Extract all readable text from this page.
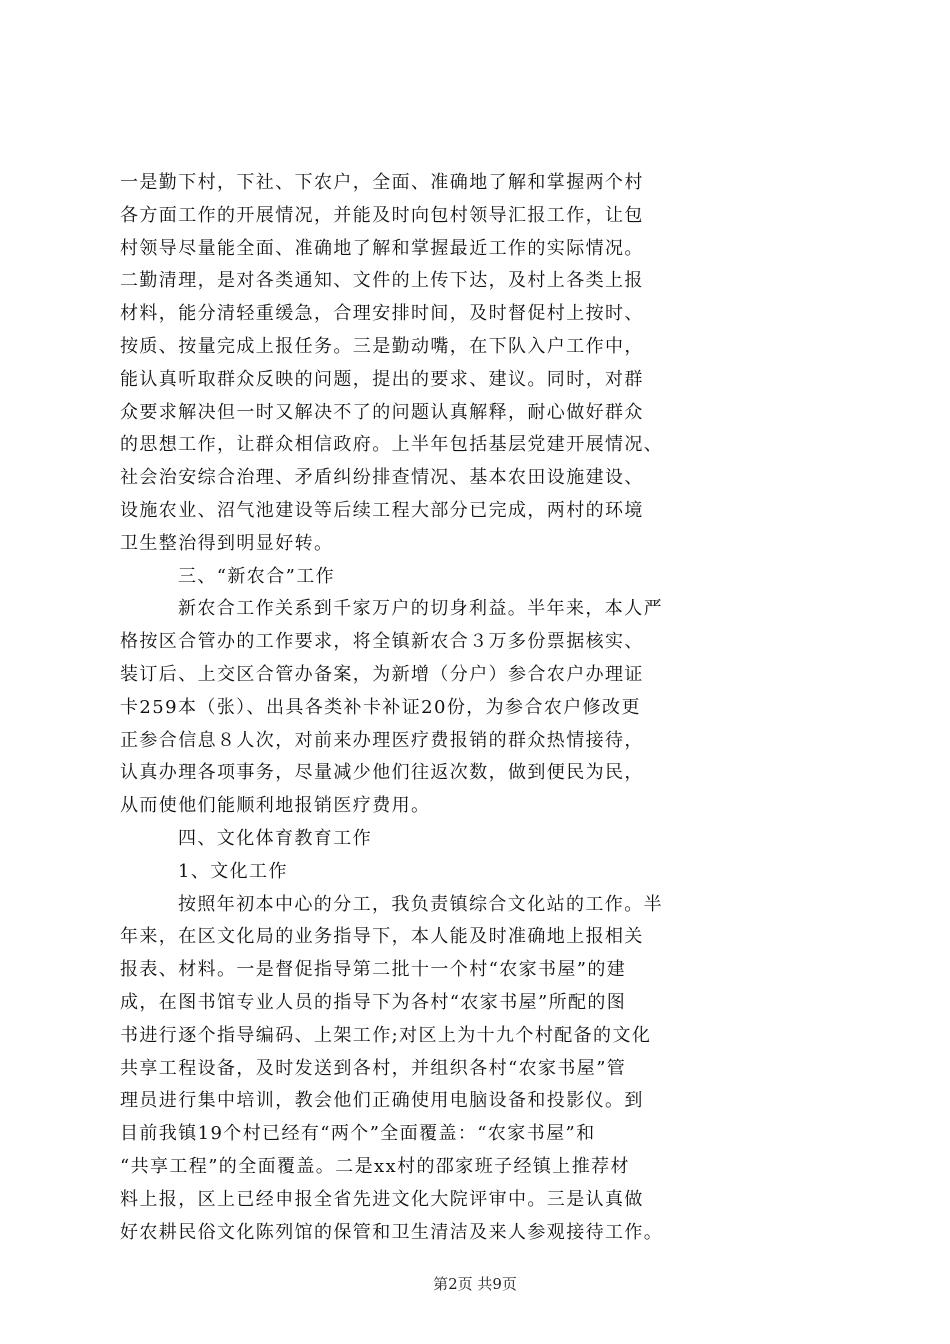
一是勤下村，下社、下农户，全面、准确地了解和掌握两个村
各方面工作的开展情况，并能及时向包村领导汇报工作，让包
村领导尽量能全面、准确地了解和掌握最近工作的实际情况。
二勤清理，是对各类通知、文件的上传下达，及村上各类上报
材料，能分清轻重缓急，合理安排时间，及时督促村上按时、
按质、按量完成上报任务。三是勤动嘴，在下队入户工作中，
能认真听取群众反映的问题，提出的要求、建议。同时，对群
众要求解决但一时又解决不了的问题认真解释，耐心做好群众
的思想工作，让群众相信政府。上半年包括基层党建开展情况、
社会治安综合治理、矛盾纠纷排查情况、基本农田设施建设、
设施农业、沼气池建设等后续工程大部分已完成，两村的环境
卫生整治得到明显好转。
三、“新农合”工作
新农合工作关系到千家万户的切身利益。半年来，本人严
格按区合管办的工作要求，将全镇新农合３万多份票据核实、
装订后、上交区合管办备案，为新增（分户）参合农户办理证
卡259本（张）、出具各类补卡补证20份，为参合农户修改更
正参合信息８人次，对前来办理医疗费报销的群众热情接待，
认真办理各项事务，尽量减少他们往返次数，做到便民为民，
从而使他们能顺利地报销医疗费用。
四、文化体育教育工作
1、文化工作
按照年初本中心的分工，我负责镇综合文化站的工作。半
年来，在区文化局的业务指导下，本人能及时准确地上报相关
报表、材料。一是督促指导第二批十一个村“农家书屋”的建
成，在图书馆专业人员的指导下为各村“农家书屋”所配的图
书进行逐个指导编码、上架工作;对区上为十九个村配备的文化
共享工程设备，及时发送到各村，并组织各村“农家书屋”管
理员进行集中培训，教会他们正确使用电脑设备和投影仪。到
目前我镇19个村已经有“两个”全面覆盖：“农家书屋”和
“共享工程”的全面覆盖。二是xx村的邵家班子经镇上推荐材
料上报，区上已经申报全省先进文化大院评审中。三是认真做
好农耕民俗文化陈列馆的保管和卫生清洁及来人参观接待工作。
第2页 共9页
